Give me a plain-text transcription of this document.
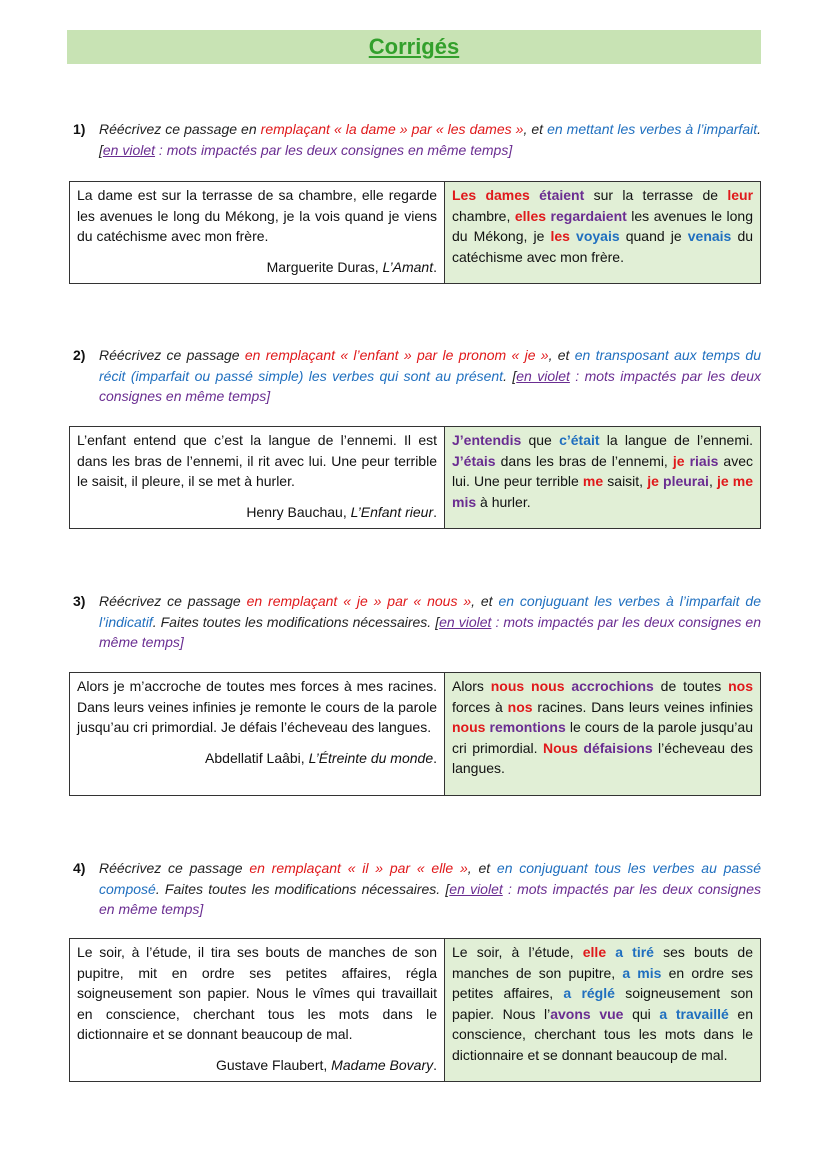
Corrigés
1) Réécrivez ce passage en remplaçant « la dame » par « les dames », et en mettant les verbes à l’imparfait. [en violet : mots impactés par les deux consignes en même temps]
La dame est sur la terrasse de sa chambre, elle regarde les avenues le long du Mékong, je la vois quand je viens du catéchisme avec mon frère.
Marguerite Duras, L’Amant.
	Les dames étaient sur la terrasse de leur chambre, elles regardaient les avenues le long du Mékong, je les voyais quand je venais du catéchisme avec mon frère.
2) Réécrivez ce passage en remplaçant « l’enfant » par le pronom « je », et en transposant aux temps du récit (imparfait ou passé simple) les verbes qui sont au présent. [en violet : mots impactés par les deux consignes en même temps]
L’enfant entend que c’est la langue de l’ennemi. Il est dans les bras de l’ennemi, il rit avec lui. Une peur terrible le saisit, il pleure, il se met à hurler.
Henry Bauchau, L’Enfant rieur.
	J’entendis que c’était la langue de l’ennemi. J’étais dans les bras de l’ennemi, je riais avec lui. Une peur terrible me saisit, je pleurai, je me mis à hurler.
3) Réécrivez ce passage en remplaçant « je » par « nous », et en conjuguant les verbes à l’imparfait de l’indicatif. Faites toutes les modifications nécessaires. [en violet : mots impactés par les deux consignes en même temps]
Alors je m’accroche de toutes mes forces à mes racines. Dans leurs veines infinies je remonte le cours de la parole jusqu’au cri primordial. Je défais l’écheveau des langues.
Abdellatif Laâbi, L’Étreinte du monde.
	Alors nous nous accrochions de toutes nos forces à nos racines. Dans leurs veines infinies nous remontions le cours de la parole jusqu’au cri primordial. Nous défaisions l’écheveau des langues.
4) Réécrivez ce passage en remplaçant « il » par « elle », et en conjuguant tous les verbes au passé composé. Faites toutes les modifications nécessaires. [en violet : mots impactés par les deux consignes en même temps]
Le soir, à l’étude, il tira ses bouts de manches de son pupitre, mit en ordre ses petites affaires, régla soigneusement son papier. Nous le vîmes qui travaillait en conscience, cherchant tous les mots dans le dictionnaire et se donnant beaucoup de mal.
Gustave Flaubert, Madame Bovary.
	Le soir, à l’étude, elle a tiré ses bouts de manches de son pupitre, a mis en ordre ses petites affaires, a réglé soigneusement son papier. Nous l’avons vue qui a travaillé en conscience, cherchant tous les mots dans le dictionnaire et se donnant beaucoup de mal.
